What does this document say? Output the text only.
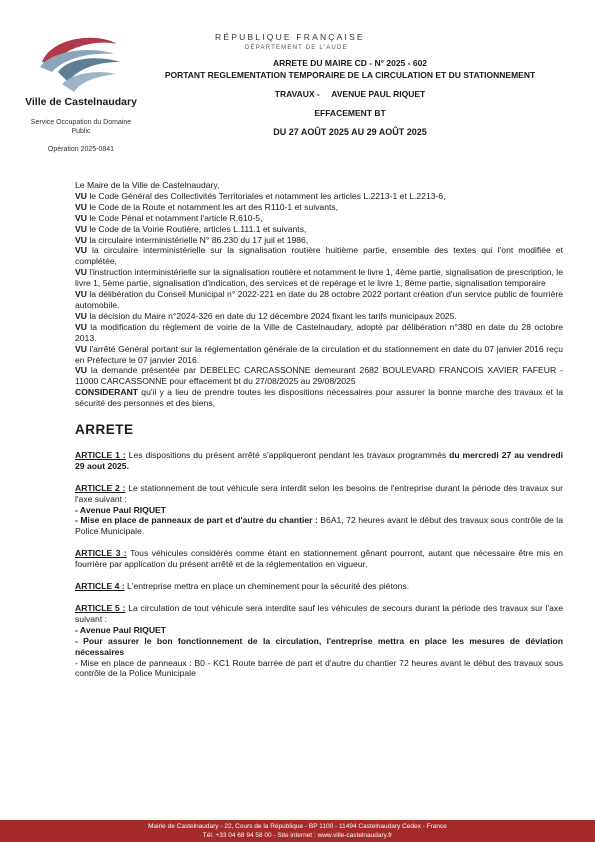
Ville de Castelnaudary
Service Occupation du Domaine Public
Opération 2025-0841
RÉPUBLIQUE FRANÇAISE
DÉPARTEMENT DE L'AUDE
ARRETE DU MAIRE CD - N° 2025 - 602
PORTANT REGLEMENTATION TEMPORAIRE DE LA CIRCULATION ET DU STATIONNEMENT
TRAVAUX -     AVENUE PAUL RIQUET
EFFACEMENT BT
DU 27 AOÛT 2025 AU 29 AOÛT 2025

Le Maire de la Ville de Castelnaudary,

VU le Code Général des Collectivités Territoriales et notamment les articles L.2213-1 et L.2213-6,

VU le Code de la Route et notamment les art des R110-1 et suivants,

VU le Code Pénal et notamment l'article R.610-5,

VU le Code de la Voirie Routière, articles L.111.1 et suivants,

VU la circulaire interministérielle N° 86.230 du 17 juil et 1986,

VU la circulaire interministérielle sur la signalisation routière huitième partie, ensemble des textes qui l'ont modifiée et complétée,

VU l'instruction interministérielle sur la signalisation routière et notamment le livre 1, 4ème partie, signalisation de prescription, le livre 1, 5ème partie, signalisation d'indication, des services et de repérage et le livre 1, 8ème partie, signalisation temporaire

VU la délibération du Conseil Municipal n° 2022-221 en date du 28 octobre 2022 portant création d'un service public de fourrière automobile.

VU la décision du Maire n°2024-326 en date du 12 décembre 2024 fixant les tarifs municipaux 2025.

VU la modification du règlement de voirie de la Ville de Castelnaudary, adopté par délibération n°380 en date du 28 octobre 2013.

VU l'arrêté Général portant sur la réglementation générale de la circulation et du stationnement en date du 07 janvier 2016 reçu en Préfecture le 07 janvier 2016.

VU la demande présentée par DEBELEC CARCASSONNE demeurant 2682 BOULEVARD FRANCOIS XAVIER FAFEUR - 11000 CARCASSONNE pour effacement bt du 27/08/2025 au 29/08/2025

CONSIDERANT qu'il y a lieu de prendre toutes les dispositions nécessaires pour assurer la bonne marche des travaux et la sécurité des personnes et des biens,

ARRETE

ARTICLE 1 : Les dispositions du présent arrêté s'appliqueront pendant les travaux programmés du mercredi 27 au vendredi 29 aout 2025.

ARTICLE 2 : Le stationnement de tout véhicule sera interdit selon les besoins de l'entreprise durant la période des travaux sur l'axe suivant :

- Avenue Paul RIQUET

- Mise en place de panneaux de part et d'autre du chantier : B6A1, 72 heures avant le début des travaux sous contrôle de la Police Municipale.

ARTICLE 3 : Tous véhicules considérés comme étant en stationnement gênant pourront, autant que nécessaire être mis en fourrière par application du présent arrêté et de la réglementation en vigueur.

ARTICLE 4 : L'entreprise mettra en place un cheminement pour la sécurité des piétons.

ARTICLE 5 : La circulation de tout véhicule sera interdite sauf les véhicules de secours durant la période des travaux sur l'axe suivant :

- Avenue Paul RIQUET

- Pour assurer le bon fonctionnement de la circulation, l'entreprise mettra en place les mesures de déviation nécessaires

- Mise en place de panneaux : B0 - KC1 Route barrée de part et d'autre du chantier 72 heures avant le début des travaux sous contrôle de la Police Municipale

Mairie de Castelnaudary - 22, Cours de la République - BP 1100 - 11494 Castelnaudary Cedex - France
Tél. +33 04 68 94 58 00 - Site internet : www.ville-castelnaudary.fr
